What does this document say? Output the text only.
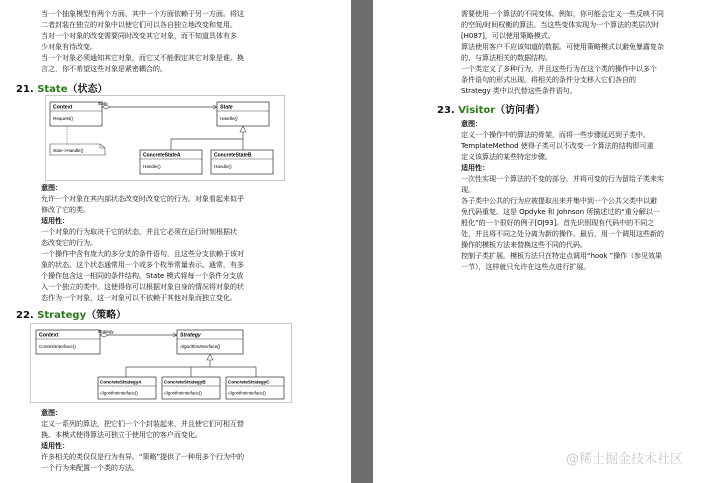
当一个抽象模型有两个方面，其中一个方面依赖于另一方面。将这
二者封装在独立的对象中以使它们可以各自独立地改变和复用。
当对一个对象的改变需要同时改变其它对象，而不知道具体有多
少对象有待改变。
当一个对象必须通知其它对象，而它又不能假定其它对象是谁。换
言之，你不希望这些对象是紧密耦合的。
21. State（状态）
Context
Request()
state
State
Handle()
state->Handle()
ConcreteStateA
Handle()
ConcreteStateB
Handle()
意图：
允许一个对象在其内部状态改变时改变它的行为。对象看起来似乎
修改了它的类。
适用性：
一个对象的行为取决于它的状态，并且它必须在运行时刻根据状
态改变它的行为。
一个操作中含有庞大的多分支的条件语句，且这些分支依赖于该对
象的状态。这个状态通常用一个或多个枚举常量表示。通常，有多
个操作包含这一相同的条件结构。State 模式将每一个条件分支放
入一个独立的类中。这使得你可以根据对象自身的情况将对象的状
态作为一个对象，这一对象可以不依赖于其他对象而独立变化。
22. Strategy（策略）
Context
ContextInterface()
strategy
Strategy
AlgorithmInterface()
ConcreteStrategyA
AlgorithmInterface()
ConcreteStrategyB
AlgorithmInterface()
ConcreteStrategyC
AlgorithmInterface()
意图：
定义一系列的算法，把它们一个个封装起来，并且使它们可相互替
换。本模式使得算法可独立于使用它的客户而变化。
适用性：
许多相关的类仅仅是行为有异。“策略”提供了一种用多个行为中的
一个行为来配置一个类的方法。
需要使用一个算法的不同变体。例如，你可能会定义一些反映不同
的空间/时间权衡的算法。当这些变体实现为一个算法的类层次时
[H087]，可以使用策略模式。
算法使用客户不应该知道的数据。可使用策略模式以避免暴露复杂
的、与算法相关的数据结构。
一个类定义了多种行为，并且这些行为在这个类的操作中以多个
条件语句的形式出现。将相关的条件分支移入它们各自的
Strategy 类中以代替这些条件语句。
23. Visitor（访问者）
意图：
定义一个操作中的算法的骨架，而将一些步骤延迟到子类中。
TemplateMethod 使得子类可以不改变一个算法的结构即可重
定义该算法的某些特定步骤。
适用性：
一次性实现一个算法的不变的部分，并将可变的行为留给子类来实
现。
各子类中公共的行为应被提取出来并集中到一个公共父类中以避
免代码重复。这是 Opdyke 和 Johnson 所描述过的“重分解以一
般化”的一个很好的例子[OJ93]。首先识别现有代码中的不同之
处，并且将不同之处分离为新的操作。最后，用一个调用这些新的
操作的模板方法来替换这些不同的代码。
控制子类扩展。模板方法只在特定点调用“hook ”操作（参见效果
一节），这样就只允许在这些点进行扩展。
@稀土掘金技术社区
